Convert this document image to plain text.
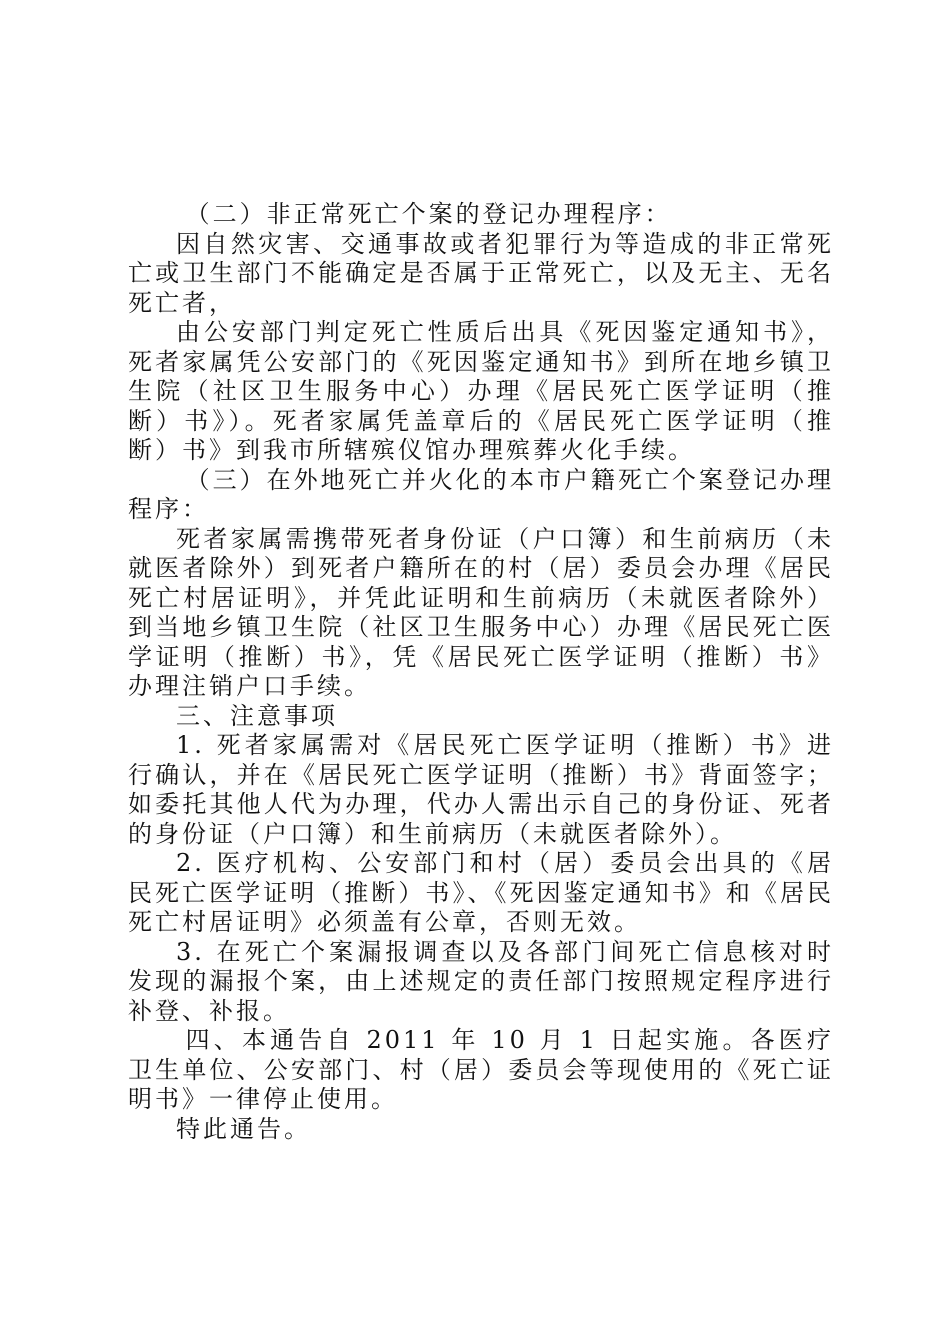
（二）非正常死亡个案的登记办理程序：

因自然灾害、交通事故或者犯罪行为等造成的非正常死亡或卫生部门不能确定是否属于正常死亡，以及无主、无名死亡者，

由公安部门判定死亡性质后出具《死因鉴定通知书》，死者家属凭公安部门的《死因鉴定通知书》到所在地乡镇卫生院（社区卫生服务中心）办理《居民死亡医学证明（推断）书》）。死者家属凭盖章后的《居民死亡医学证明（推断）书》到我市所辖殡仪馆办理殡葬火化手续。

（三）在外地死亡并火化的本市户籍死亡个案登记办理程序：

死者家属需携带死者身份证（户口簿）和生前病历（未就医者除外）到死者户籍所在的村（居）委员会办理《居民死亡村居证明》，并凭此证明和生前病历（未就医者除外）到当地乡镇卫生院（社区卫生服务中心）办理《居民死亡医学证明（推断）书》，凭《居民死亡医学证明（推断）书》办理注销户口手续。

三、注意事项

1. 死者家属需对《居民死亡医学证明（推断）书》进行确认，并在《居民死亡医学证明（推断）书》背面签字；如委托其他人代为办理，代办人需出示自己的身份证、死者的身份证（户口簿）和生前病历（未就医者除外）。

2. 医疗机构、公安部门和村（居）委员会出具的《居民死亡医学证明（推断）书》、《死因鉴定通知书》和《居民死亡村居证明》必须盖有公章，否则无效。

3. 在死亡个案漏报调查以及各部门间死亡信息核对时发现的漏报个案，由上述规定的责任部门按照规定程序进行补登、补报。

四、本通告自 2011 年 10 月 1 日起实施。各医疗卫生单位、公安部门、村（居）委员会等现使用的《死亡证明书》一律停止使用。

特此通告。
